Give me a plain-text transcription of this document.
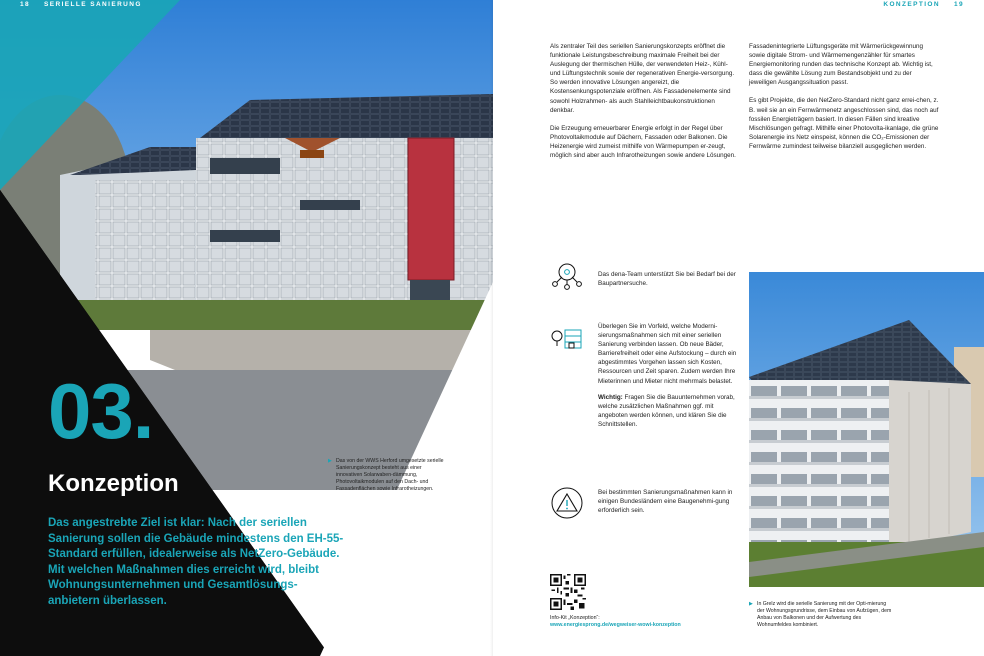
18 SERIELLE SANIERUNG
03.
Konzeption

Das angestrebte Ziel ist klar: Nach der seriellen Sanierung sollen die Gebäude mindestens den EH-55-Standard erfüllen, idealerweise als NetZero-Gebäude. Mit welchen Maßnahmen dies erreicht wird, bleibt Wohnungsunternehmen und Gesamtlösungs-anbietern überlassen.

▶ Das von der WWS Herford umgesetzte serielle Sanierungskonzept besteht aus einer innovativen Solarwaben-dämmung, Photovoltaikmodulen auf den Dach- und Fassadenflächen sowie Infrarotheizungen.
KONZEPTION 19

Als zentraler Teil des seriellen Sanierungskonzepts eröffnet die funktionale Leistungsbeschreibung maximale Freiheit bei der Auslegung der thermischen Hülle, der verwendeten Heiz-, Kühl- und Lüftungstechnik sowie der regenerativen Energie-versorgung. So werden innovative Lösungen angereizt, die Kostensenkungspotenziale eröffnen. Als Fassadenelemente sind sowohl Holzrahmen- als auch Stahlleichtbaukonstruktionen denkbar.

Die Erzeugung erneuerbarer Energie erfolgt in der Regel über Photovoltaikmodule auf Dächern, Fassaden oder Balkonen. Die Heizenergie wird zumeist mithilfe von Wärmepumpen er-zeugt, möglich sind aber auch Infrarotheizungen sowie andere Lösungen.

Fassadenintegrierte Lüftungsgeräte mit Wärmerückgewinnung sowie digitale Strom- und Wärmemengenzähler für smartes Energiemonitoring runden das technische Konzept ab. Wichtig ist, dass die gewählte Lösung zum Bestandsobjekt und zu der jeweiligen Ausgangssituation passt.

Es gibt Projekte, die den NetZero-Standard nicht ganz errei-chen, z. B. weil sie an ein Fernwärmenetz angeschlossen sind, das noch auf fossilen Energieträgern basiert. In diesen Fällen sind kreative Mischlösungen gefragt. Mithilfe einer Photovolta-ikanlage, die grüne Solarenergie ins Netz einspeist, können die CO₂-Emissionen der Fernwärme zumindest teilweise bilanziell ausgeglichen werden.

Das dena-Team unterstützt Sie bei Bedarf bei der Baupartnersuche.

Überlegen Sie im Vorfeld, welche Moderni-sierungsmaßnahmen sich mit einer seriellen Sanierung verbinden lassen. Ob neue Bäder, Barrierefreiheit oder eine Aufstockung – durch ein abgestimmtes Vorgehen lassen sich Kosten, Ressourcen und Zeit sparen. Zudem werden Ihre Mieterinnen und Mieter nicht mehrmals belastet.

Wichtig: Fragen Sie die Bauunternehmen vorab, welche zusätzlichen Maßnahmen ggf. mit angeboten werden können, und klären Sie die Schnittstellen.

Bei bestimmten Sanierungsmaßnahmen kann in einigen Bundesländern eine Baugenehmi-gung erforderlich sein.

Info-Kit „Konzeption“:
www.energiesprong.de/wegweiser-wowi-konzeption
▶ In Grelz wird die serielle Sanierung mit der Opti-mierung der Wohnungsgrundrisse, dem Einbau von Aufzügen, dem Anbau von Balkonen und der Aufwertung des Wohnumfeldes kombiniert.
